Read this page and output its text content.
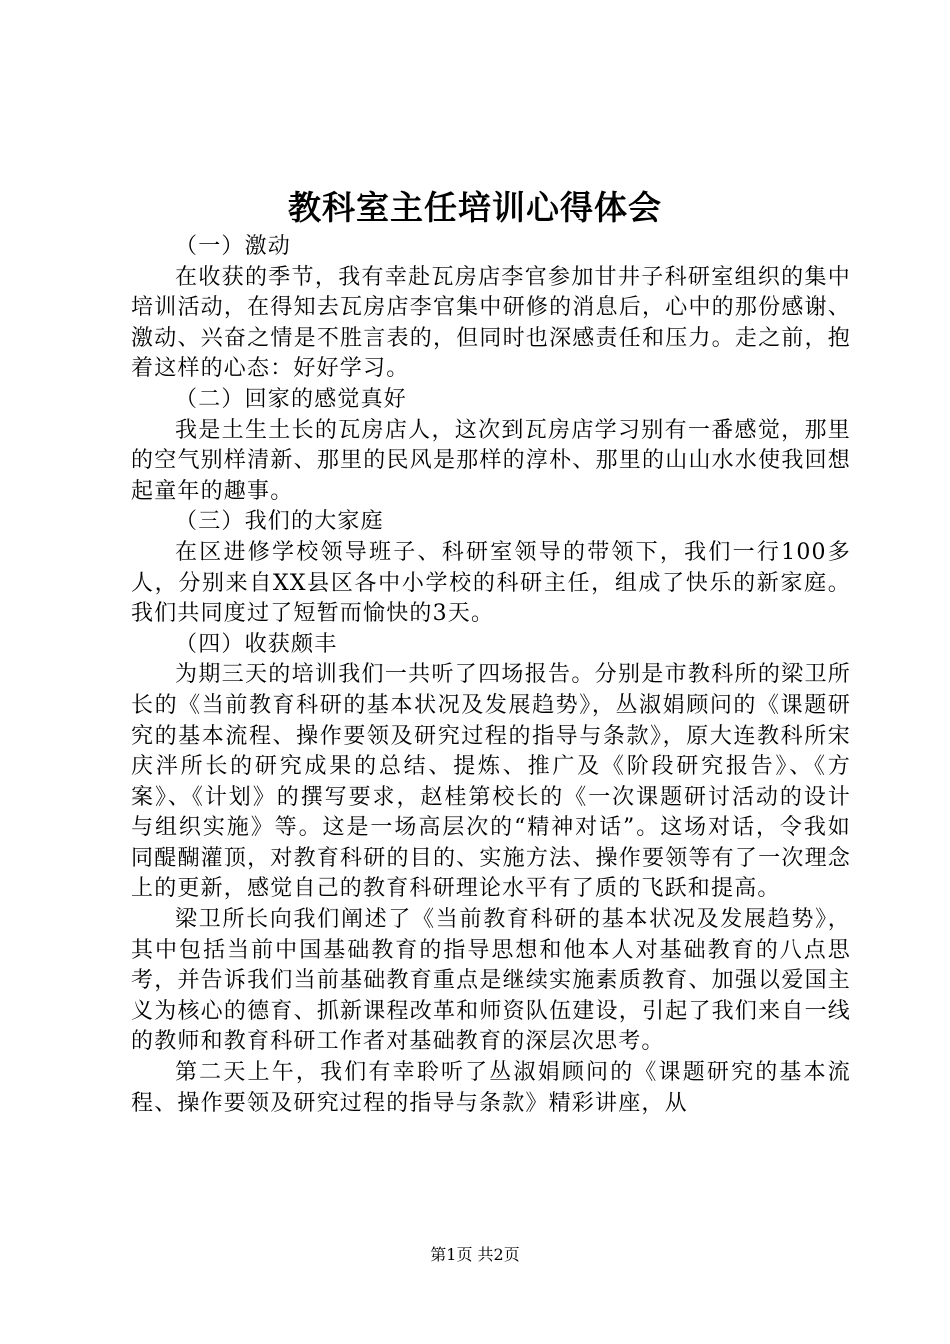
教科室主任培训心得体会

（一）激动

在收获的季节，我有幸赴瓦房店李官参加甘井子科研室组织的集中培训活动，在得知去瓦房店李官集中研修的消息后，心中的那份感谢、激动、兴奋之情是不胜言表的，但同时也深感责任和压力。走之前，抱着这样的心态：好好学习。

（二）回家的感觉真好

我是土生土长的瓦房店人，这次到瓦房店学习别有一番感觉，那里的空气别样清新、那里的民风是那样的淳朴、那里的山山水水使我回想起童年的趣事。

（三）我们的大家庭

在区进修学校领导班子、科研室领导的带领下，我们一行100多人，分别来自XX县区各中小学校的科研主任，组成了快乐的新家庭。我们共同度过了短暂而愉快的3天。

（四）收获颇丰

为期三天的培训我们一共听了四场报告。分别是市教科所的梁卫所长的《当前教育科研的基本状况及发展趋势》，丛淑娟顾问的《课题研究的基本流程、操作要领及研究过程的指导与条款》，原大连教科所宋庆泮所长的研究成果的总结、提炼、推广及《阶段研究报告》、《方案》、《计划》的撰写要求，赵桂第校长的《一次课题研讨活动的设计与组织实施》等。这是一场高层次的“精神对话”。这场对话，令我如同醍醐灌顶，对教育科研的目的、实施方法、操作要领等有了一次理念上的更新，感觉自己的教育科研理论水平有了质的飞跃和提高。

梁卫所长向我们阐述了《当前教育科研的基本状况及发展趋势》，其中包括当前中国基础教育的指导思想和他本人对基础教育的八点思考，并告诉我们当前基础教育重点是继续实施素质教育、加强以爱国主义为核心的德育、抓新课程改革和师资队伍建设，引起了我们来自一线的教师和教育科研工作者对基础教育的深层次思考。

第二天上午，我们有幸聆听了丛淑娟顾问的《课题研究的基本流程、操作要领及研究过程的指导与条款》精彩讲座，从

第1页 共2页
